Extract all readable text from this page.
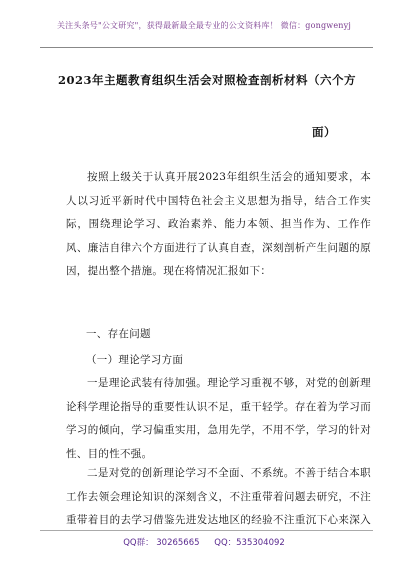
关注头条号"公文研究"，获得最新最全最专业的公文资料库！ 微信：gongwenyj
2023年主题教育组织生活会对照检查剖析材料（六个方
面）
按照上级关于认真开展2023年组织生活会的通知要求，本人以习近平新时代中国特色社会主义思想为指导，结合工作实际，围绕理论学习、政治素养、能力本领、担当作为、工作作风、廉洁自律六个方面进行了认真自查，深刻剖析产生问题的原因，提出整个措施。现在将情况汇报如下：
一、存在问题
（一）理论学习方面
一是理论武装有待加强。理论学习重视不够，对党的创新理论科学理论指导的重要性认识不足，重干轻学。存在着为学习而学习的倾向，学习偏重实用，急用先学，不用不学，学习的针对性、目的性不强。
二是对党的创新理论学习不全面、不系统。不善于结合本职工作去领会理论知识的深刻含义，不注重带着问题去研究，不注重带着目的去学习借鉴先进发达地区的经验不注重沉下心来深入
QQ群： 30265665 QQ：535304092
